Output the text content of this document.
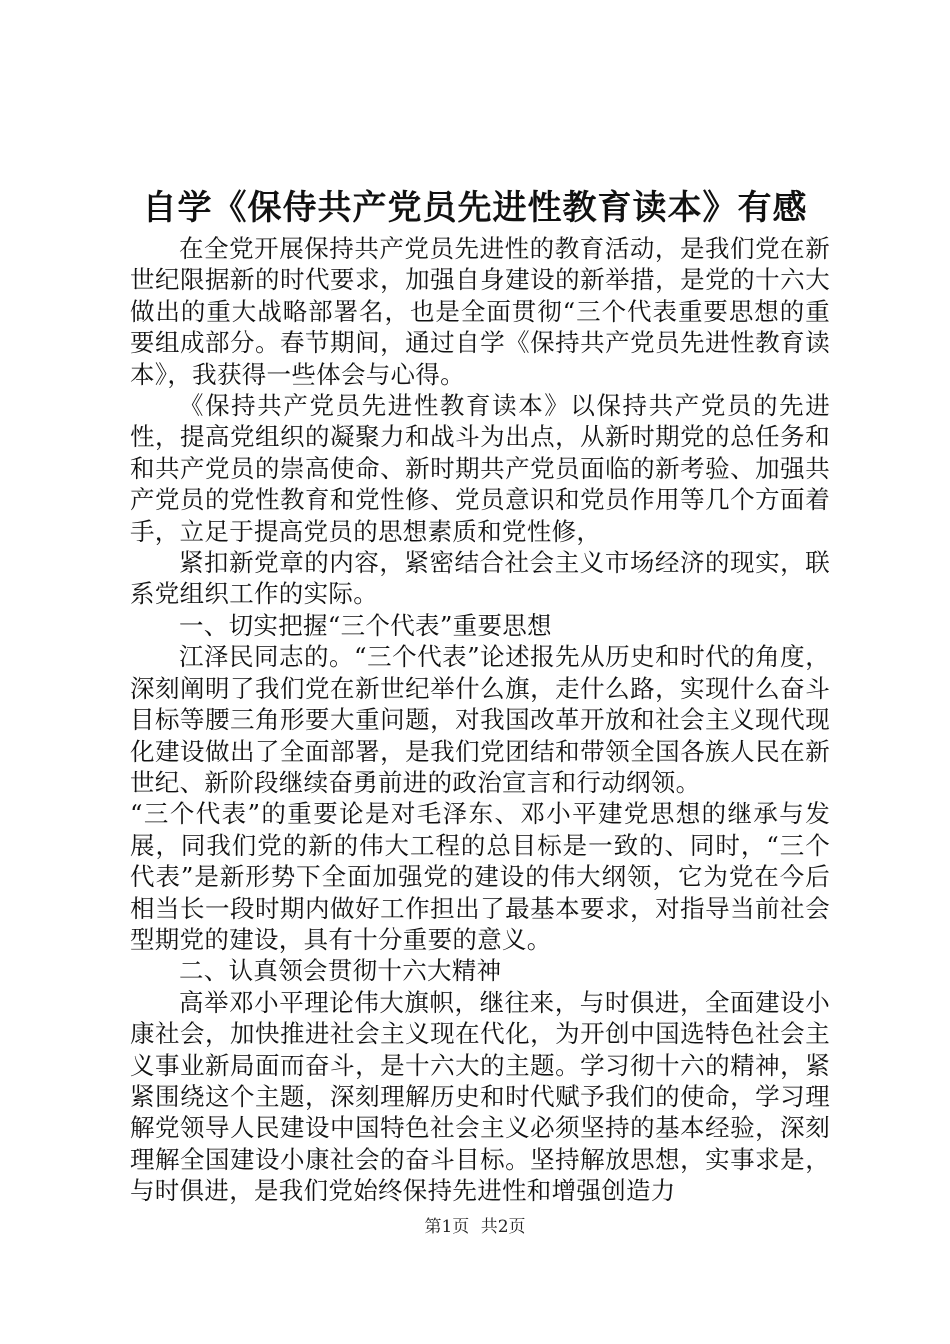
自学《保侍共产党员先进性教育读本》有感

在全党开展保持共产党员先进性的教育活动，是我们党在新世纪限据新的时代要求，加强自身建设的新举措，是党的十六大做出的重大战略部署名，也是全面贯彻“三个代表重要思想的重要组成部分。春节期间，通过自学《保持共产党员先进性教育读本》，我获得一些体会与心得。

《保持共产党员先进性教育读本》以保持共产党员的先进性，提高党组织的凝聚力和战斗为出点，从新时期党的总任务和和共产党员的崇高使命、新时期共产党员面临的新考验、加强共产党员的党性教育和党性修、党员意识和党员作用等几个方面着手，立足于提高党员的思想素质和党性修，

紧扣新党章的内容，紧密结合社会主义市场经济的现实，联系党组织工作的实际。

一、切实把握“三个代表”重要思想

江泽民同志的。“三个代表”论述报先从历史和时代的角度，深刻阐明了我们党在新世纪举什么旗，走什么路，实现什么奋斗目标等腰三角形要大重问题，对我国改革开放和社会主义现代现化建设做出了全面部署，是我们党团结和带领全国各族人民在新世纪、新阶段继续奋勇前进的政治宣言和行动纲领。

“三个代表”的重要论是对毛泽东、邓小平建党思想的继承与发展，同我们党的新的伟大工程的总目标是一致的、同时，“三个代表”是新形势下全面加强党的建设的伟大纲领，它为党在今后相当长一段时期内做好工作担出了最基本要求，对指导当前社会型期党的建设，具有十分重要的意义。

二、认真领会贯彻十六大精神

高举邓小平理论伟大旗帜，继往来，与时俱进，全面建设小康社会，加快推进社会主义现在代化，为开创中国选特色社会主义事业新局面而奋斗，是十六大的主题。学习彻十六的精神，紧紧围绕这个主题，深刻理解历史和时代赋予我们的使命，学习理解党领导人民建设中国特色社会主义必须坚持的基本经验，深刻理解全国建设小康社会的奋斗目标。坚持解放思想，实事求是，与时俱进，是我们党始终保持先进性和增强创造力

第1页 共2页
